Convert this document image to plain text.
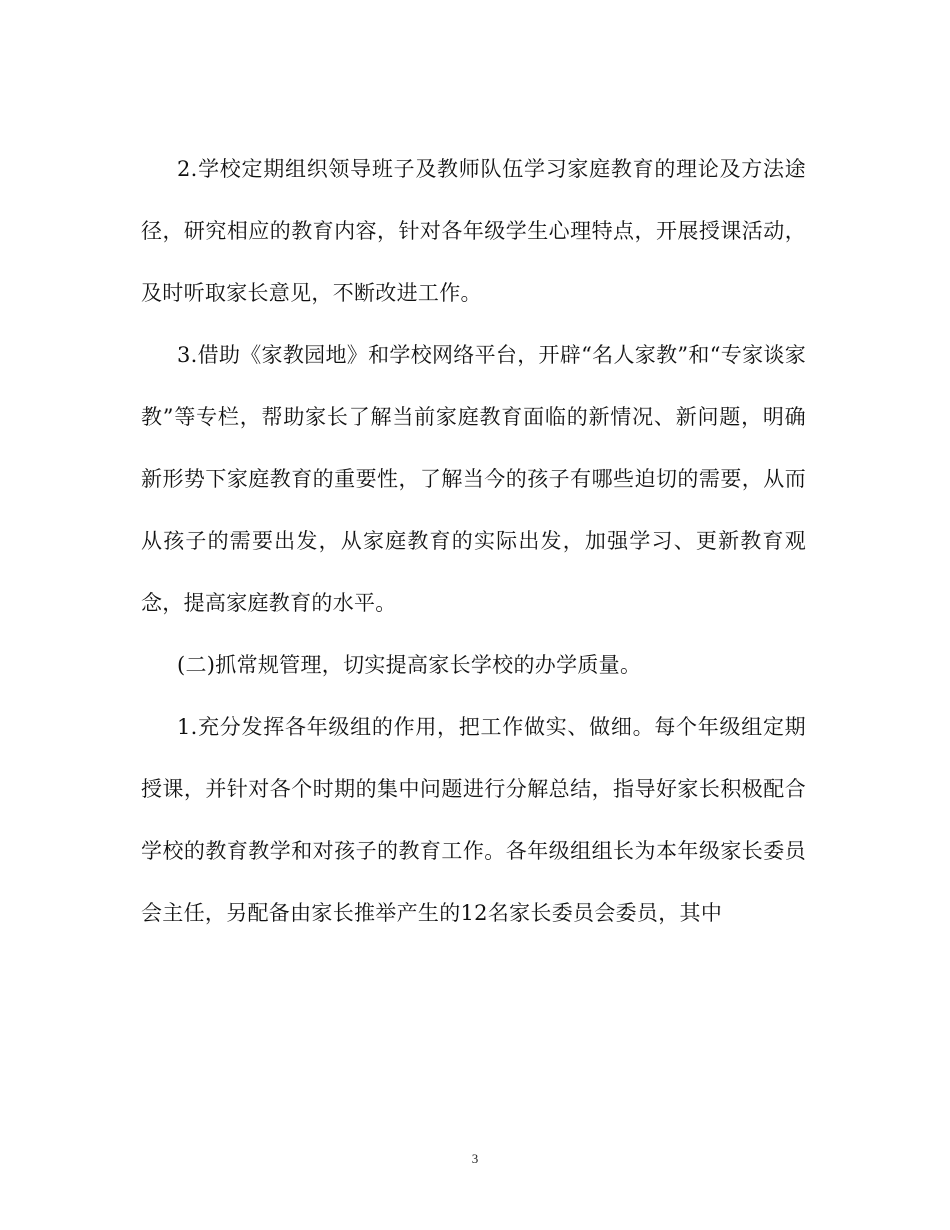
2.学校定期组织领导班子及教师队伍学习家庭教育的理论及方法途径，研究相应的教育内容，针对各年级学生心理特点，开展授课活动，及时听取家长意见，不断改进工作。

3.借助《家教园地》和学校网络平台，开辟“名人家教”和“专家谈家教”等专栏，帮助家长了解当前家庭教育面临的新情况、新问题，明确新形势下家庭教育的重要性，了解当今的孩子有哪些迫切的需要，从而从孩子的需要出发，从家庭教育的实际出发，加强学习、更新教育观念，提高家庭教育的水平。

(二)抓常规管理，切实提高家长学校的办学质量。

1.充分发挥各年级组的作用，把工作做实、做细。每个年级组定期授课，并针对各个时期的集中问题进行分解总结，指导好家长积极配合学校的教育教学和对孩子的教育工作。各年级组组长为本年级家长委员会主任，另配备由家长推举产生的12名家长委员会委员，其中

3
